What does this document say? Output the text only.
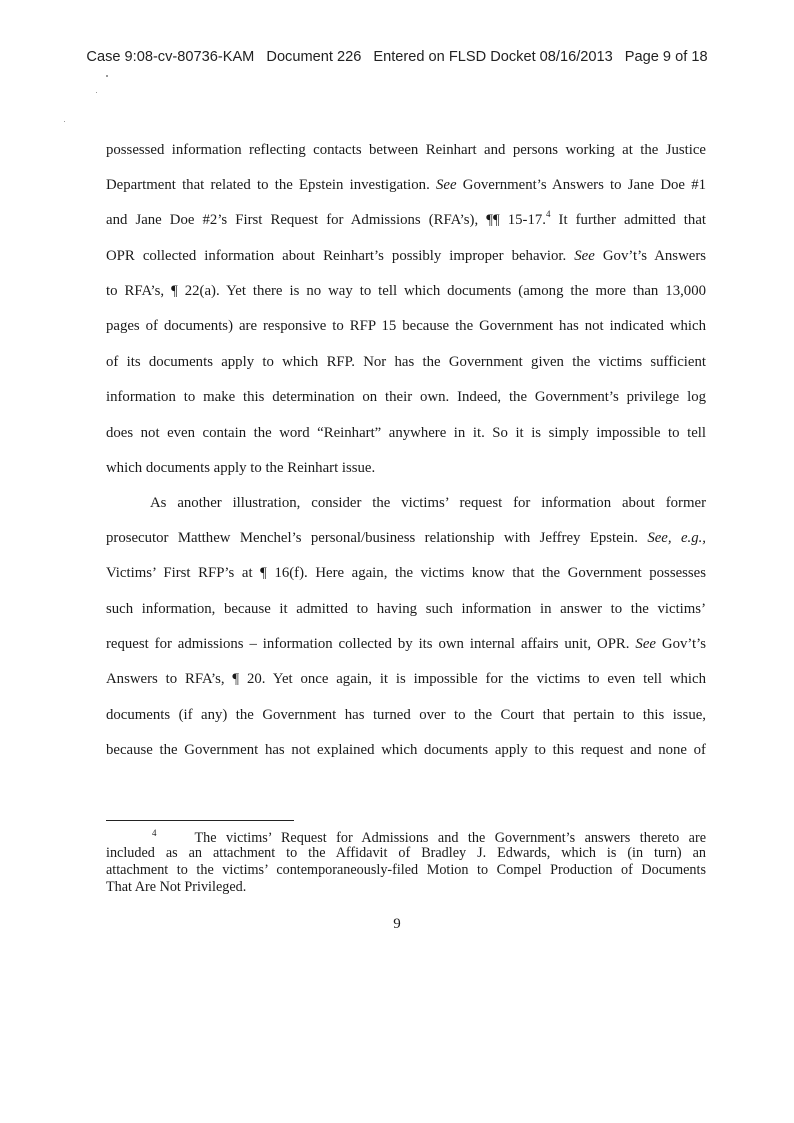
Case 9:08-cv-80736-KAM Document 226 Entered on FLSD Docket 08/16/2013 Page 9 of 18
possessed information reflecting contacts between Reinhart and persons working at the Justice
Department that related to the Epstein investigation. See Government’s Answers to Jane Doe #1
and Jane Doe #2’s First Request for Admissions (RFA’s), ¶¶ 15-17.$^4$ It further admitted that
OPR collected information about Reinhart’s possibly improper behavior. See Gov’t’s Answers
to RFA’s, ¶ 22(a). Yet there is no way to tell which documents (among the more than 13,000
pages of documents) are responsive to RFP 15 because the Government has not indicated which
of its documents apply to which RFP. Nor has the Government given the victims sufficient
information to make this determination on their own. Indeed, the Government’s privilege log
does not even contain the word “Reinhart” anywhere in it. So it is simply impossible to tell
which documents apply to the Reinhart issue.
As another illustration, consider the victims’ request for information about former
prosecutor Matthew Menchel’s personal/business relationship with Jeffrey Epstein. See, e.g.,
Victims’ First RFP’s at ¶ 16(f). Here again, the victims know that the Government possesses
such information, because it admitted to having such information in answer to the victims’
request for admissions – information collected by its own internal affairs unit, OPR. See Gov’t’s
Answers to RFA’s, ¶ 20. Yet once again, it is impossible for the victims to even tell which
documents (if any) the Government has turned over to the Court that pertain to this issue,
because the Government has not explained which documents apply to this request and none of
$^4$	The victims’ Request for Admissions and the Government’s answers thereto are
included as an attachment to the Affidavit of Bradley J. Edwards, which is (in turn) an
attachment to the victims’ contemporaneously-filed Motion to Compel Production of Documents
That Are Not Privileged.
9
